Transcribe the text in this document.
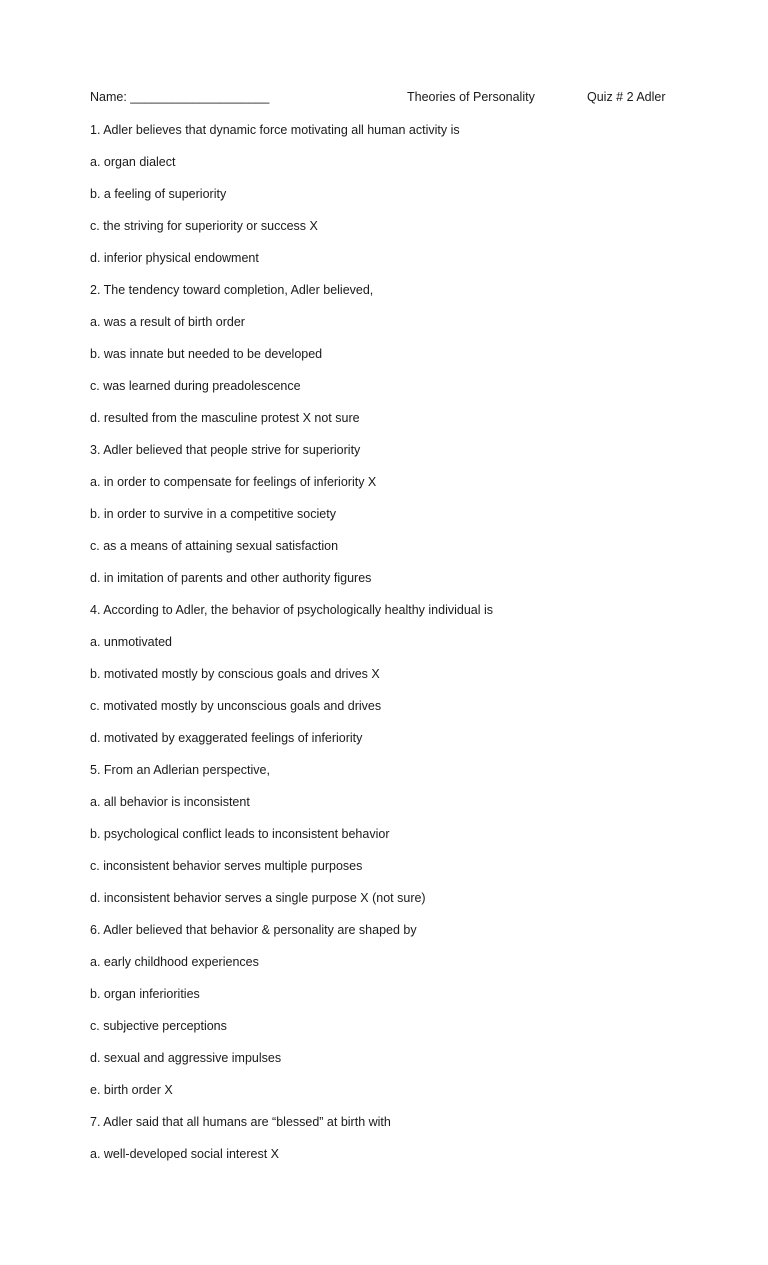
Name: ____________________	Theories of Personality	Quiz # 2 Adler
1. Adler believes that dynamic force motivating all human activity is
a. organ dialect
b. a feeling of superiority
c. the striving for superiority or success X
d. inferior physical endowment
2. The tendency toward completion, Adler believed,
a. was a result of birth order
b. was innate but needed to be developed
c. was learned during preadolescence
d. resulted from the masculine protest X not sure
3. Adler believed that people strive for superiority
a. in order to compensate for feelings of inferiority X
b. in order to survive in a competitive society
c. as a means of attaining sexual satisfaction
d. in imitation of parents and other authority figures
4. According to Adler, the behavior of psychologically healthy individual is
a. unmotivated
b. motivated mostly by conscious goals and drives X
c. motivated mostly by unconscious goals and drives
d. motivated by exaggerated feelings of inferiority
5. From an Adlerian perspective,
a. all behavior is inconsistent
b. psychological conflict leads to inconsistent behavior
c. inconsistent behavior serves multiple purposes
d. inconsistent behavior serves a single purpose X (not sure)
6. Adler believed that behavior & personality are shaped by
a. early childhood experiences
b. organ inferiorities
c. subjective perceptions
d. sexual and aggressive impulses
e. birth order X
7. Adler said that all humans are “blessed” at birth with
a. well-developed social interest X
